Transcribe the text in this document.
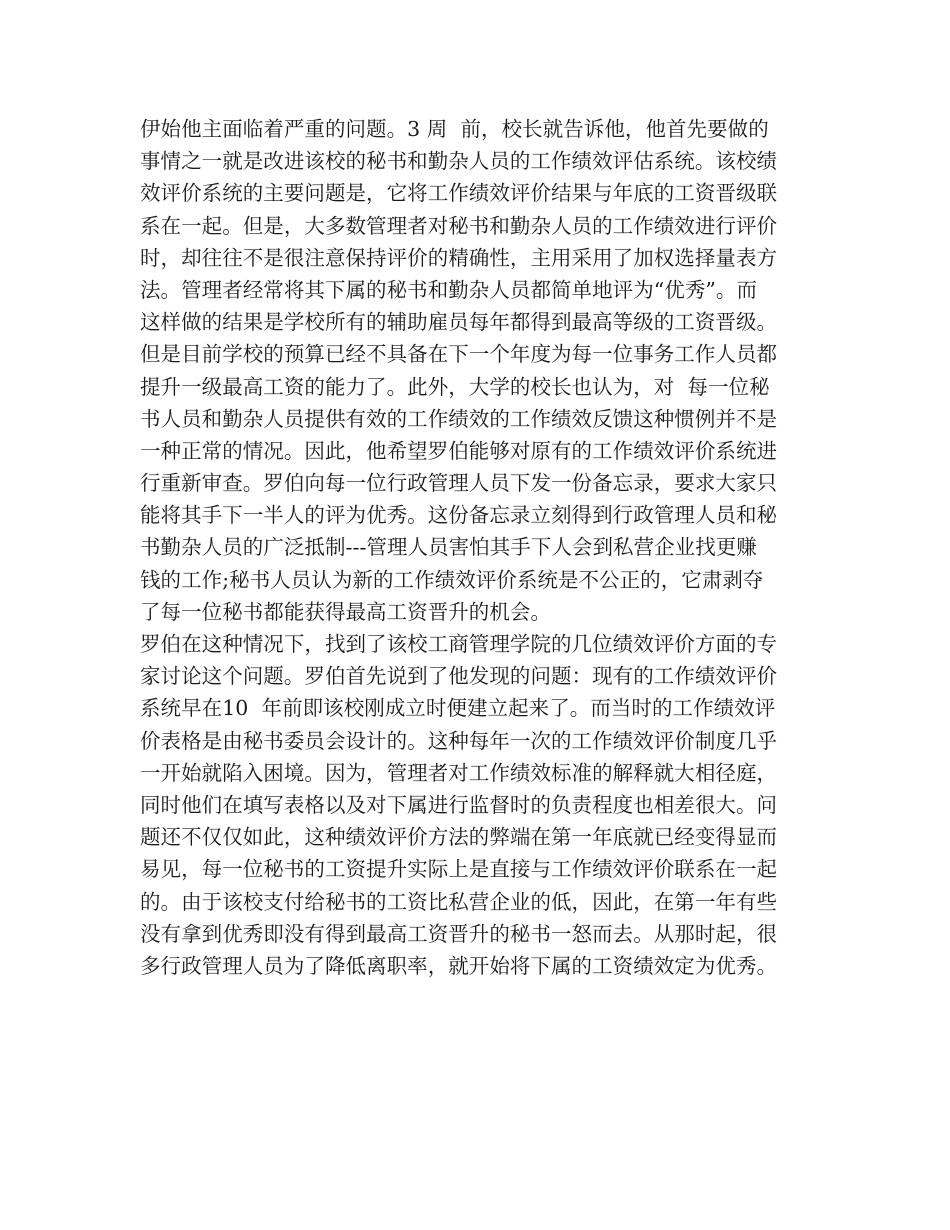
伊始他主面临着严重的问题。3 周  前，校长就告诉他，他首先要做的
事情之一就是改进该校的秘书和勤杂人员的工作绩效评估系统。该校绩
效评价系统的主要问题是，它将工作绩效评价结果与年底的工资晋级联
系在一起。但是，大多数管理者对秘书和勤杂人员的工作绩效进行评价
时，却往往不是很注意保持评价的精确性，主用采用了加权选择量表方
法。管理者经常将其下属的秘书和勤杂人员都简单地评为“优秀”。而
这样做的结果是学校所有的辅助雇员每年都得到最高等级的工资晋级。
但是目前学校的预算已经不具备在下一个年度为每一位事务工作人员都
提升一级最高工资的能力了。此外，大学的校长也认为，对  每一位秘
书人员和勤杂人员提供有效的工作绩效的工作绩效反馈这种惯例并不是
一种正常的情况。因此，他希望罗伯能够对原有的工作绩效评价系统进
行重新审查。罗伯向每一位行政管理人员下发一份备忘录，要求大家只
能将其手下一半人的评为优秀。这份备忘录立刻得到行政管理人员和秘
书勤杂人员的广泛抵制---管理人员害怕其手下人会到私营企业找更赚
钱的工作;秘书人员认为新的工作绩效评价系统是不公正的，它肃剥夺
了每一位秘书都能获得最高工资晋升的机会。
罗伯在这种情况下，找到了该校工商管理学院的几位绩效评价方面的专
家讨论这个问题。罗伯首先说到了他发现的问题：现有的工作绩效评价
系统早在10  年前即该校刚成立时便建立起来了。而当时的工作绩效评
价表格是由秘书委员会设计的。这种每年一次的工作绩效评价制度几乎
一开始就陷入困境。因为，管理者对工作绩效标准的解释就大相径庭，
同时他们在填写表格以及对下属进行监督时的负责程度也相差很大。问
题还不仅仅如此，这种绩效评价方法的弊端在第一年底就已经变得显而
易见，每一位秘书的工资提升实际上是直接与工作绩效评价联系在一起
的。由于该校支付给秘书的工资比私营企业的低，因此，在第一年有些
没有拿到优秀即没有得到最高工资晋升的秘书一怒而去。从那时起，很
多行政管理人员为了降低离职率，就开始将下属的工资绩效定为优秀。
